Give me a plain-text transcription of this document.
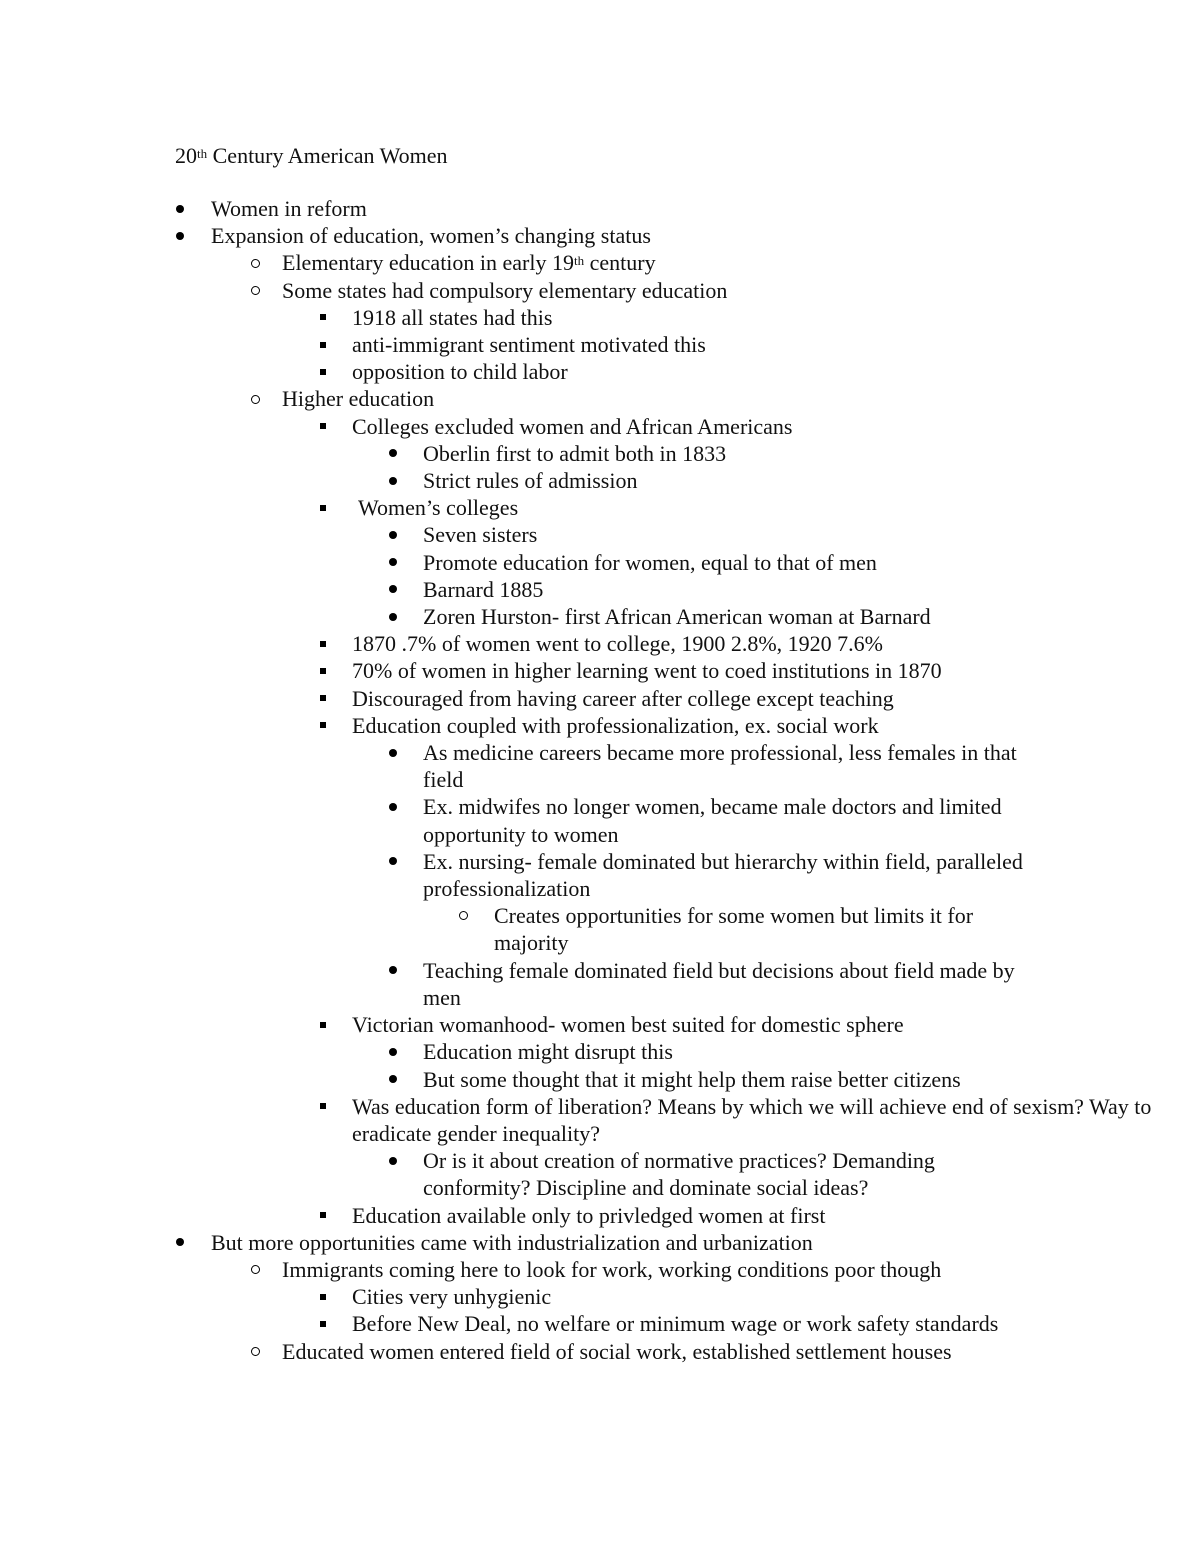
20th Century American Women
Women in reform
Expansion of education, women’s changing status
Elementary education in early 19th century
Some states had compulsory elementary education
1918 all states had this
anti-immigrant sentiment motivated this
opposition to child labor
Higher education
Colleges excluded women and African Americans
Oberlin first to admit both in 1833
Strict rules of admission
Women’s colleges
Seven sisters
Promote education for women, equal to that of men
Barnard 1885
Zoren Hurston- first African American woman at Barnard
1870 .7% of women went to college, 1900 2.8%, 1920 7.6%
70% of women in higher learning went to coed institutions in 1870
Discouraged from having career after college except teaching
Education coupled with professionalization, ex. social work
As medicine careers became more professional, less females in that field
Ex. midwifes no longer women, became male doctors and limited opportunity to women
Ex. nursing- female dominated but hierarchy within field, paralleled professionalization
Creates opportunities for some women but limits it for majority
Teaching female dominated field but decisions about field made by men
Victorian womanhood- women best suited for domestic sphere
Education might disrupt this
But some thought that it might help them raise better citizens
Was education form of liberation? Means by which we will achieve end of sexism? Way to eradicate gender inequality?
Or is it about creation of normative practices? Demanding conformity? Discipline and dominate social ideas?
Education available only to privledged women at first
But more opportunities came with industrialization and urbanization
Immigrants coming here to look for work, working conditions poor though
Cities very unhygienic
Before New Deal, no welfare or minimum wage or work safety standards
Educated women entered field of social work, established settlement houses
